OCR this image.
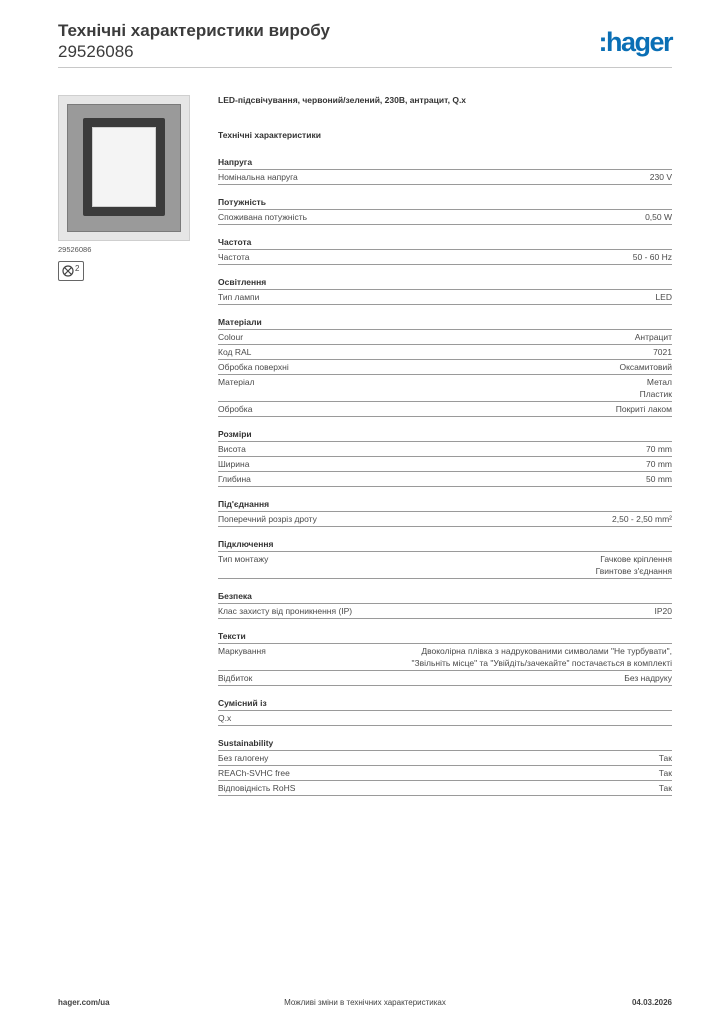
Технічні характеристики виробу
29526086	:hager
29526086
2
LED-підсвічування, червоний/зелений, 230В, антрацит, Q.x
Технічні характеристики
Напруга
Номінальна напруга	230 V
Потужність
Споживана потужність	0,50 W
Частота
Частота	50 - 60 Hz
Освітлення
Тип лампи	LED
Матеріали
Colour	Антрацит
Код RAL	7021
Обробка поверхні	Оксамитовий
Матеріал	Метал
Пластик
Обробка	Покриті лаком
Розміри
Висота	70 mm
Ширина	70 mm
Глибина	50 mm
Під'єднання
Поперечний розріз дроту	2,50 - 2,50 mm²
Підключення
Тип монтажу	Гачкове кріплення
Гвинтове з'єднання
Безпека
Клас захисту від проникнення (IP)	IP20
Тексти
Маркування	Двоколірна плівка з надрукованими символами "Не турбувати",
"Звільніть місце" та "Увійдіть/зачекайте" постачається в комплекті
Відбиток	Без надруку
Сумісний із
Q.x
Sustainability
Без галогену	Так
REACh-SVHC free	Так
Відповідність RoHS	Так
hager.com/ua	Можливі зміни в технічних характеристиках	04.03.2026
